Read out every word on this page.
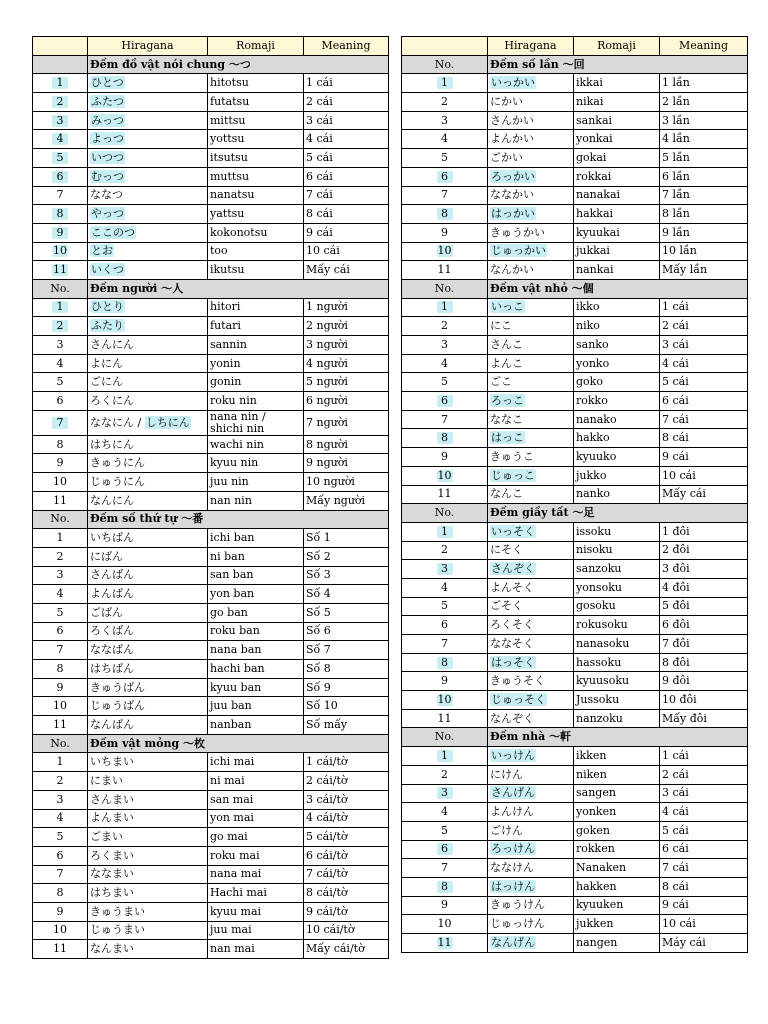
	Hiragana	Romaji	Meaning
	Đếm đồ vật nói chung ～つ		
1	ひとつ	hitotsu	1 cái
2	ふたつ	futatsu	2 cái
3	みっつ	mittsu	3 cái
4	よっつ	yottsu	4 cái
5	いつつ	itsutsu	5 cái
6	むっつ	muttsu	6 cái
7	ななつ	nanatsu	7 cái
8	やっつ	yattsu	8 cái
9	ここのつ	kokonotsu	9 cái
10	とお	too	10 cái
11	いくつ	ikutsu	Mấy cái
No.	Đếm người ～人		
1	ひとり	hitori	1 người
2	ふたり	futari	2 người
3	さんにん	sannin	3 người
4	よにん	yonin	4 người
5	ごにん	gonin	5 người
6	ろくにん	roku nin	6 người
7	ななにん / しちにん	nana nin / shichi nin	7 người
8	はちにん	wachi nin	8 người
9	きゅうにん	kyuu nin	9 người
10	じゅうにん	juu nin	10 người
11	なんにん	nan nin	Mấy người
No.	Đếm số thứ tự ～番		
1	いちばん	ichi ban	Số 1
2	にばん	ni ban	Số 2
3	さんばん	san ban	Số 3
4	よんばん	yon ban	Số 4
5	ごばん	go ban	Số 5
6	ろくばん	roku ban	Số 6
7	ななばん	nana ban	Số 7
8	はちばん	hachi ban	Số 8
9	きゅうばん	kyuu ban	Số 9
10	じゅうばん	juu ban	Số 10
11	なんばん	nanban	Số mấy
No.	Đếm vật mỏng ～枚		
1	いちまい	ichi mai	1 cái/tờ
2	にまい	ni mai	2 cái/tờ
3	さんまい	san mai	3 cái/tờ
4	よんまい	yon mai	4 cái/tờ
5	ごまい	go mai	5 cái/tờ
6	ろくまい	roku mai	6 cái/tờ
7	ななまい	nana mai	7 cái/tờ
8	はちまい	Hachi mai	8 cái/tờ
9	きゅうまい	kyuu mai	9 cái/tờ
10	じゅうまい	juu mai	10 cái/tờ
11	なんまい	nan mai	Mấy cái/tờ
	Hiragana	Romaji	Meaning
No.	Đếm số lần ～回		
1	いっかい	ikkai	1 lần
2	にかい	nikai	2 lần
3	さんかい	sankai	3 lần
4	よんかい	yonkai	4 lần
5	ごかい	gokai	5 lần
6	ろっかい	rokkai	6 lần
7	ななかい	nanakai	7 lần
8	はっかい	hakkai	8 lần
9	きゅうかい	kyuukai	9 lần
10	じゅっかい	jukkai	10 lần
11	なんかい	nankai	Mấy lần
No.	Đếm vật nhỏ ～個		
1	いっこ	ikko	1 cái
2	にこ	niko	2 cái
3	さんこ	sanko	3 cái
4	よんこ	yonko	4 cái
5	ごこ	goko	5 cái
6	ろっこ	rokko	6 cái
7	ななこ	nanako	7 cái
8	はっこ	hakko	8 cái
9	きゅうこ	kyuuko	9 cái
10	じゅっこ	jukko	10 cái
11	なんこ	nanko	Mấy cái
No.	Đếm giầy tất ～足		
1	いっそく	issoku	1 đôi
2	にそく	nisoku	2 đôi
3	さんぞく	sanzoku	3 đôi
4	よんそく	yonsoku	4 đôi
5	ごそく	gosoku	5 đôi
6	ろくそく	rokusoku	6 đôi
7	ななそく	nanasoku	7 đôi
8	はっそく	hassoku	8 đôi
9	きゅうそく	kyuusoku	9 đôi
10	じゅっそく	Jussoku	10 đôi
11	なんぞく	nanzoku	Mấy đôi
No.	Đếm nhà ～軒		
1	いっけん	ikken	1 cái
2	にけん	niken	2 cái
3	さんげん	sangen	3 cái
4	よんけん	yonken	4 cái
5	ごけん	goken	5 cái
6	ろっけん	rokken	6 cái
7	ななけん	Nanaken	7 cái
8	はっけん	hakken	8 cái
9	きゅうけん	kyuuken	9 cái
10	じゅっけん	jukken	10 cái
11	なんげん	nangen	Máy cái
